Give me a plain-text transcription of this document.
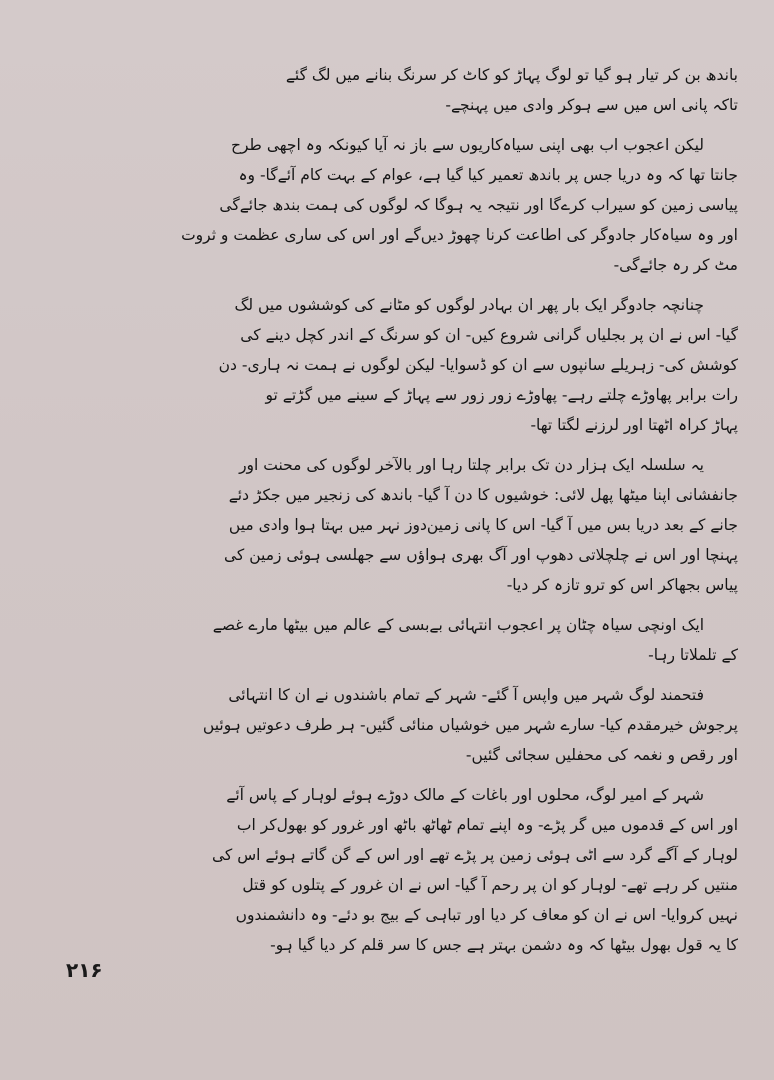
باندھ بن کر تیار ہو گیا تو لوگ پہاڑ کو کاٹ کر سرنگ بنانے میں لگ گئے
تاکہ پانی اس میں سے ہوکر وادی میں پہنچے-

لیکن اعجوب اب بھی اپنی سیاہ‌کاریوں سے باز نہ آیا کیونکہ وہ اچھی طرح
جانتا تھا کہ وہ دریا جس پر باندھ تعمیر کیا گیا ہے، عوام کے بہت کام آئےگا- وہ
پیاسی زمین کو سیراب کرےگا اور نتیجہ یہ ہوگا کہ لوگوں کی ہمت بندھ جائےگی
اور وہ سیاہ‌کار جادوگر کی اطاعت کرنا چھوڑ دیں‌گے اور اس کی ساری عظمت و ثروت
مٹ کر رہ جائےگی-

چنانچہ جادوگر ایک بار پھر ان بہادر لوگوں کو مٹانے کی کوششوں میں لگ
گیا- اس نے ان پر بجلیاں گرانی شروع کیں- ان کو سرنگ کے اندر کچل دینے کی
کوشش کی- زہریلے سانپوں سے ان کو ڈسوایا- لیکن لوگوں نے ہمت نہ ہاری- دن
رات برابر پھاوڑے چلتے رہے- پھاوڑے زور زور سے پہاڑ کے سینے میں گڑتے تو
پہاڑ کراہ اٹھتا اور لرزنے لگتا تھا-

یہ سلسلہ ایک ہزار دن تک برابر چلتا رہا اور بالآخر لوگوں کی محنت اور
جانفشانی اپنا میٹھا پھل لائی: خوشیوں کا دن آ گیا- باندھ کی زنجیر میں جکڑ دئے
جانے کے بعد دریا بس میں آ گیا- اس کا پانی زمین‌دوز نہر میں بہتا ہوا وادی میں
پہنچا اور اس نے چلچلاتی دھوپ اور آگ بھری ہواؤں سے جھلسی ہوئی زمین کی
پیاس بجھاکر اس کو ترو تازہ کر دیا-

ایک اونچی سیاہ چٹان پر اعجوب انتہائی بےبسی کے عالم میں بیٹھا مارے غصے
کے تلملاتا رہا-

فتحمند لوگ شہر میں واپس آ گئے- شہر کے تمام باشندوں نے ان کا انتہائی
پرجوش خیرمقدم کیا- سارے شہر میں خوشیاں منائی گئیں- ہر طرف دعوتیں ہوئیں
اور رقص و نغمہ کی محفلیں سجائی گئیں-

شہر کے امیر لوگ، محلوں اور باغات کے مالک دوڑے ہوئے لوہار کے پاس آئے
اور اس کے قدموں میں گر پڑے- وہ اپنے تمام ٹھاٹھ باٹھ اور غرور کو بھول‌کر اب
لوہار کے آگے گرد سے اٹی ہوئی زمین پر پڑے تھے اور اس کے گن گاتے ہوئے اس کی
منتیں کر رہے تھے- لوہار کو ان پر رحم آ گیا- اس نے ان غرور کے پتلوں کو قتل
نہیں کروایا- اس نے ان کو معاف کر دیا اور تباہی کے بیج بو دئے- وہ دانشمندوں
کا یہ قول بھول بیٹھا کہ وہ دشمن بہتر ہے جس کا سر قلم کر دیا گیا ہو-

۲۱۶
